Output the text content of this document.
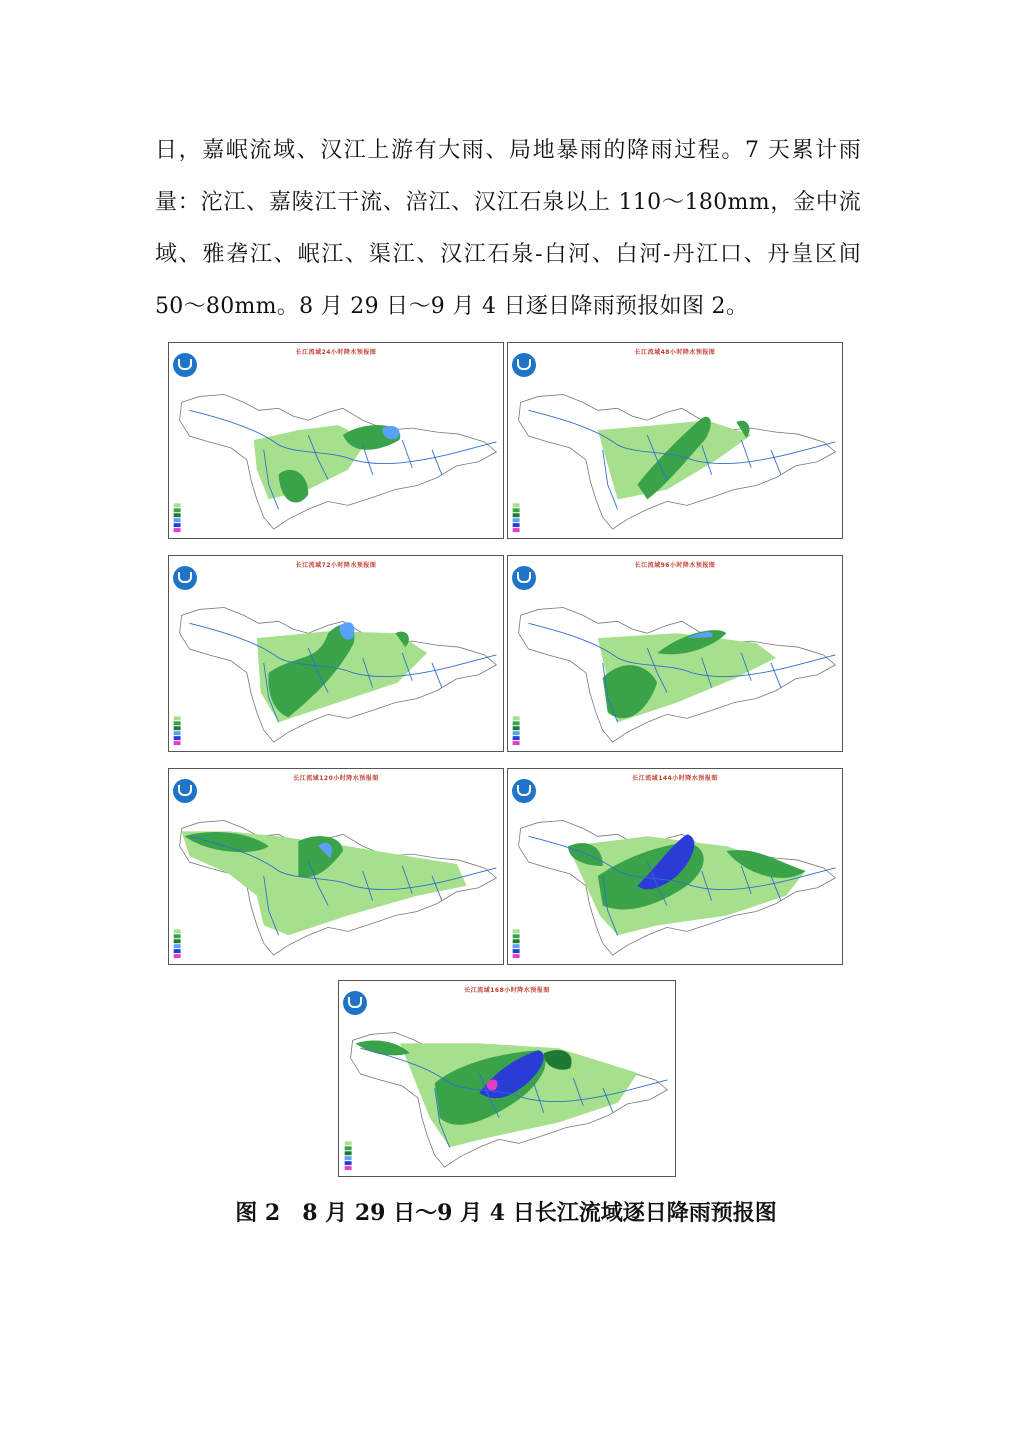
日，嘉岷流域、汉江上游有大雨、局地暴雨的降雨过程。7 天累计雨
量：沱江、嘉陵江干流、涪江、汉江石泉以上 110～180mm，金中流
域、雅砻江、岷江、渠江、汉江石泉-白河、白河-丹江口、丹皇区间
50～80mm。8 月 29 日～9 月 4 日逐日降雨预报如图 2。
长江流域24小时降水预报图	长江流域48小时降水预报图
长江流域72小时降水预报图	长江流域96小时降水预报图
长江流域120小时降水预报图	长江流域144小时降水预报图
长江流域168小时降水预报图
图 2 8 月 29 日～9 月 4 日长江流域逐日降雨预报图
